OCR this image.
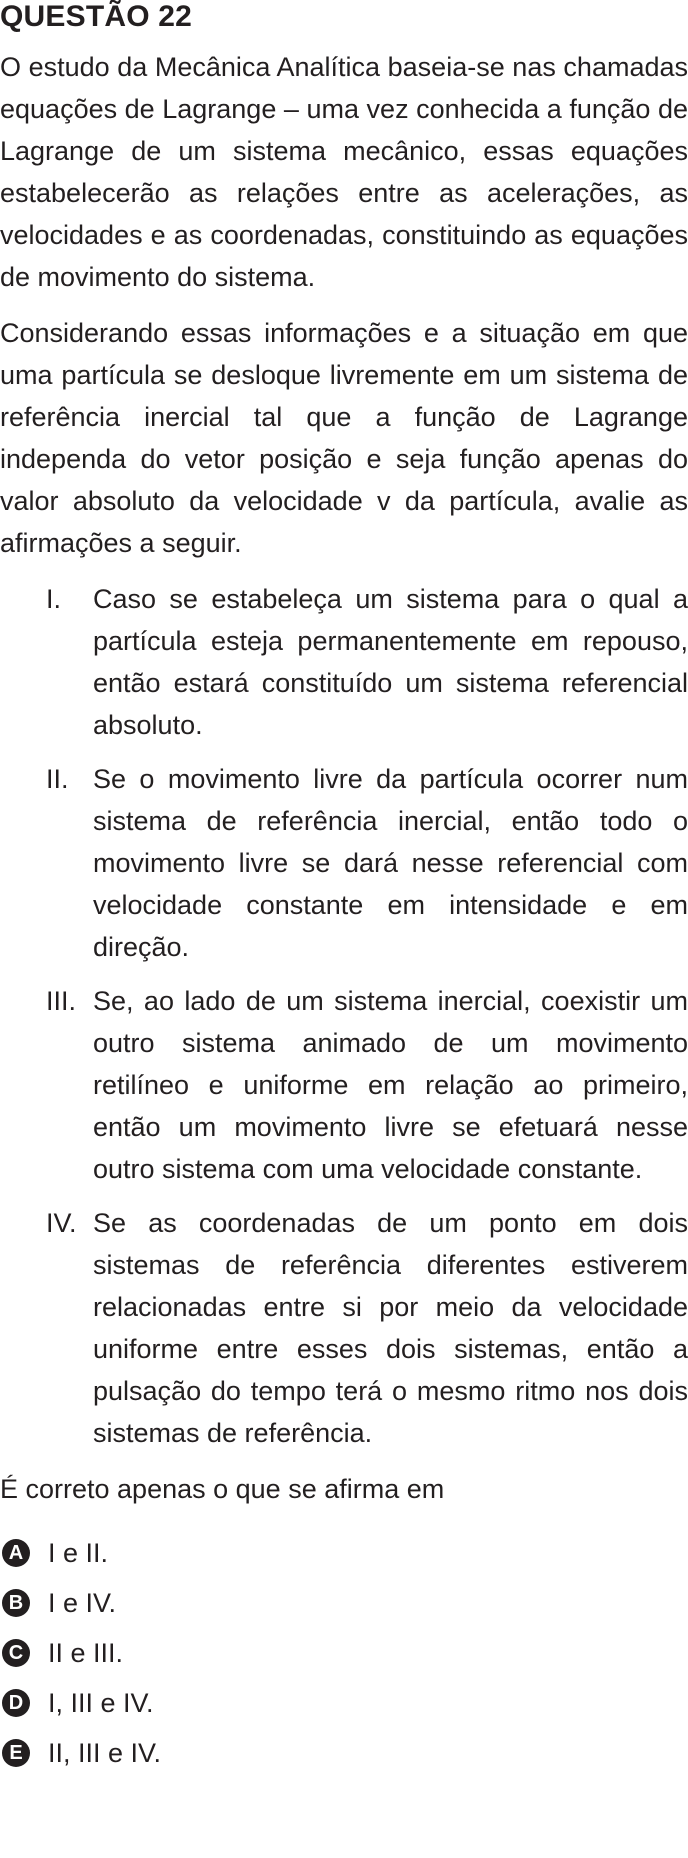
QUESTÃO 22
O estudo da Mecânica Analítica baseia-se nas chamadas equações de Lagrange – uma vez conhecida a função de Lagrange de um sistema mecânico, essas equações estabelecerão as relações entre as acelerações, as velocidades e as coordenadas, constituindo as equações de movimento do sistema.
Considerando essas informações e a situação em que uma partícula se desloque livremente em um sistema de referência inercial tal que a função de Lagrange independa do vetor posição e seja função apenas do valor absoluto da velocidade v da partícula, avalie as afirmações a seguir.
I.	Caso se estabeleça um sistema para o qual a partícula esteja permanentemente em repouso, então estará constituído um sistema referencial absoluto.
II. Se o movimento livre da partícula ocorrer num sistema de referência inercial, então todo o movimento livre se dará nesse referencial com velocidade constante em intensidade e em direção.
III. Se, ao lado de um sistema inercial, coexistir um outro sistema animado de um movimento retilíneo e uniforme em relação ao primeiro, então um movimento livre se efetuará nesse outro sistema com uma velocidade constante.
IV. Se as coordenadas de um ponto em dois sistemas de referência diferentes estiverem relacionadas entre si por meio da velocidade uniforme entre esses dois sistemas, então a pulsação do tempo terá o mesmo ritmo nos dois sistemas de referência.
É correto apenas o que se afirma em
A I e II.
B I e IV.
C II e III.
D I, III e IV.
E II, III e IV.
